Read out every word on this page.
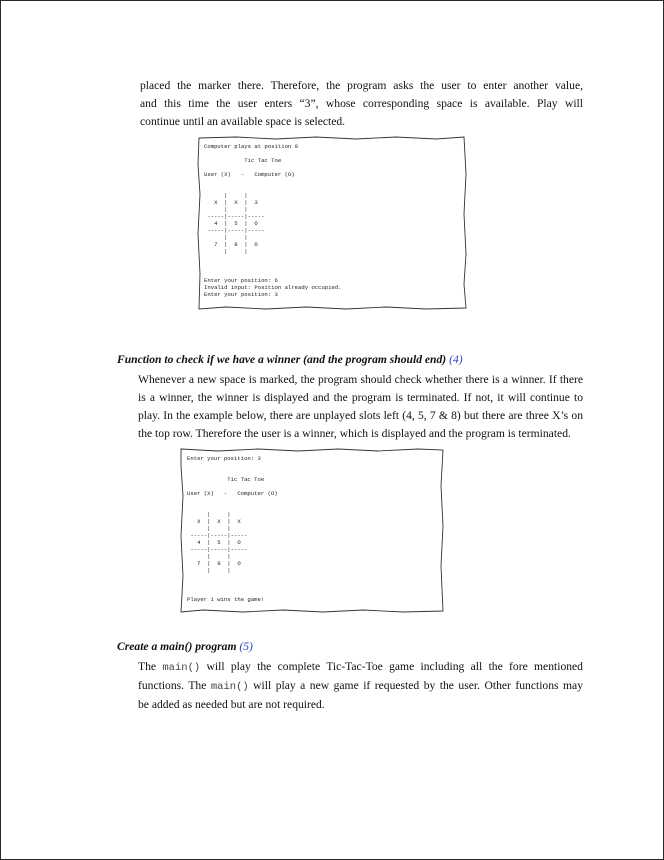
placed the marker there. Therefore, the program asks the user to enter another value,
and this time the user enters “3”, whose corresponding space is available. Play will
continue until an available space is selected.

Computer plays at position 9
Tic Tac Toe
User (X)   -   Computer (O)
|     |
X  |  X  |  3
|     |
-----|-----|-----
4  |  5  |  O
-----|-----|-----
|     |
7  |  8  |  O
|     |
Enter your position: 6
Invalid input: Position already occupied.
Enter your position: 3
Function to check if we have a winner (and the program should end) (4)

Whenever a new space is marked, the program should check whether there is a winner. If there
is a winner, the winner is displayed and the program is terminated. If not, it will continue to
play. In the example below, there are unplayed slots left (4, 5, 7 & 8) but there are three X’s on
the top row. Therefore the user is a winner, which is displayed and the program is terminated.

Enter your position: 3
Tic Tac Toe
User (X)   -   Computer (O)
|     |
X  |  X  |  X
|     |
-----|-----|-----
4  |  5  |  O
-----|-----|-----
|     |
7  |  8  |  O
|     |
Player 1 wins the game!
Create a main() program (5)

The main() will play the complete Tic-Tac-Toe game including all the fore mentioned
functions. The main() will play a new game if requested by the user. Other functions may
be added as needed but are not required.
